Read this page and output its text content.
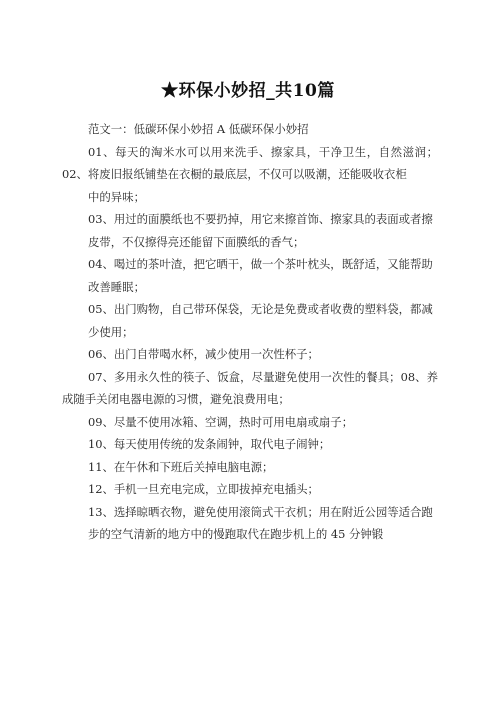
★环保小妙招_共10篇

范文一：低碳环保小妙招 A 低碳环保小妙招

01、每天的淘米水可以用来洗手、擦家具，干净卫生，自然滋润；02、将废旧报纸铺垫在衣橱的最底层，不仅可以吸潮，还能吸收衣柜

中的异味；

03、用过的面膜纸也不要扔掉，用它来擦首饰、擦家具的表面或者擦

皮带，不仅擦得亮还能留下面膜纸的香气；

04、喝过的茶叶渣，把它晒干，做一个茶叶枕头，既舒适，又能帮助

改善睡眠；

05、出门购物，自己带环保袋，无论是免费或者收费的塑料袋，都减

少使用；

06、出门自带喝水杯，减少使用一次性杯子；

07、多用永久性的筷子、饭盒，尽量避免使用一次性的餐具；08、养成随手关闭电器电源的习惯，避免浪费用电；

09、尽量不使用冰箱、空调，热时可用电扇或扇子；

10、每天使用传统的发条闹钟，取代电子闹钟；

11、在午休和下班后关掉电脑电源；

12、手机一旦充电完成，立即拔掉充电插头；

13、选择晾晒衣物，避免使用滚筒式干衣机；用在附近公园等适合跑

步的空气清新的地方中的慢跑取代在跑步机上的 45 分钟锻
